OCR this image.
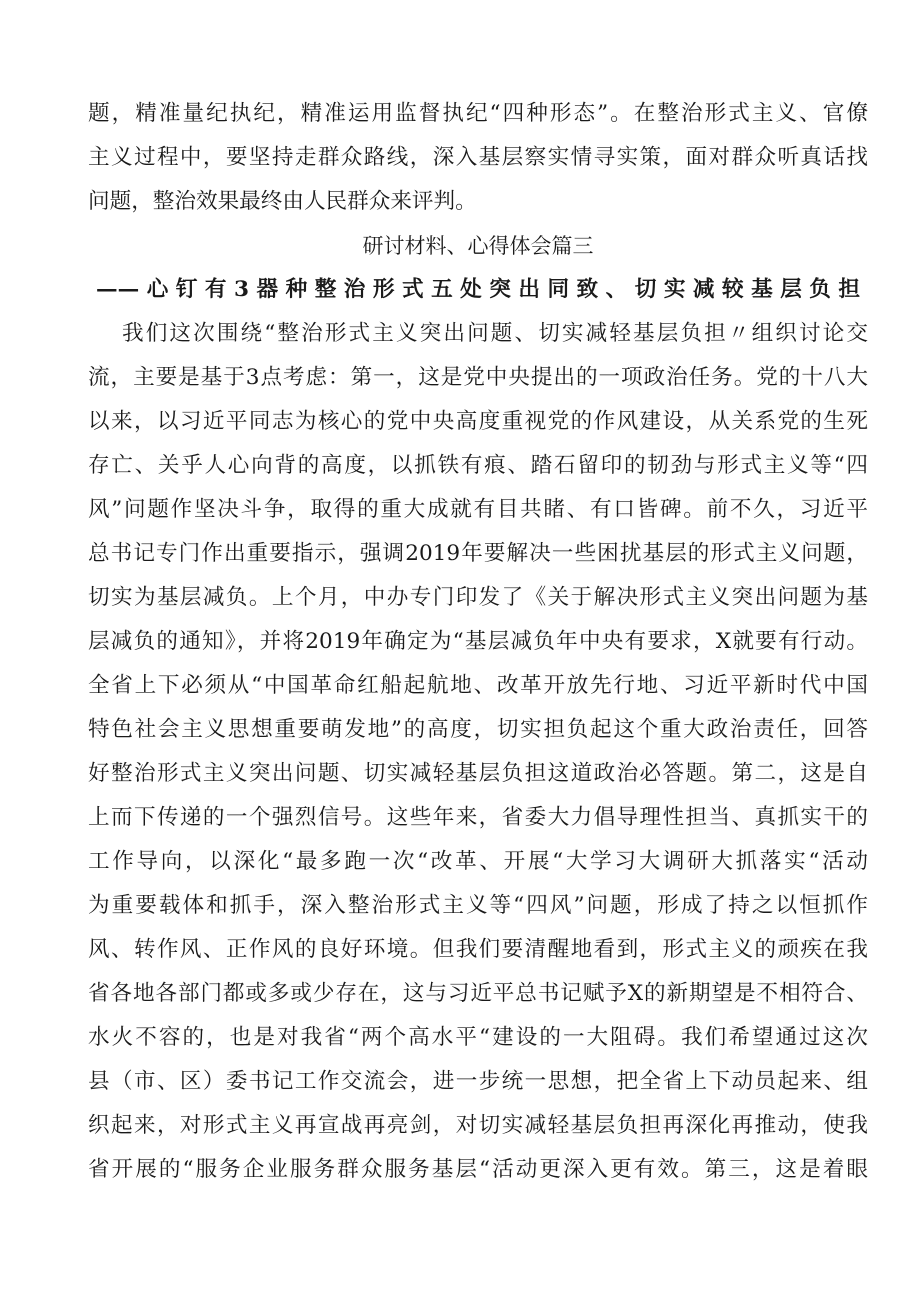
题，精准量纪执纪，精准运用监督执纪“四种形态”。在整治形式主义、官僚
主义过程中，要坚持走群众路线，深入基层察实情寻实策，面对群众听真话找
问题，整治效果最终由人民群众来评判。
研讨材料、心得体会篇三
——心钉有3器种整治形式五处突出同致、切实减较基层负担
我们这次围绕“整治形式主义突出问题、切实减轻基层负担〃组织讨论交
流，主要是基于3点考虑：第一，这是党中央提出的一项政治任务。党的十八大
以来，以习近平同志为核心的党中央高度重视党的作风建设，从关系党的生死
存亡、关乎人心向背的高度，以抓铁有痕、踏石留印的韧劲与形式主义等“四
风”问题作坚决斗争，取得的重大成就有目共睹、有口皆碑。前不久，习近平
总书记专门作出重要指示，强调2019年要解决一些困扰基层的形式主义问题，
切实为基层减负。上个月，中办专门印发了《关于解决形式主义突出问题为基
层减负的通知》，并将2019年确定为“基层减负年中央有要求，X就要有行动。
全省上下必须从“中国革命红船起航地、改革开放先行地、习近平新时代中国
特色社会主义思想重要萌发地”的高度，切实担负起这个重大政治责任，回答
好整治形式主义突出问题、切实减轻基层负担这道政治必答题。第二，这是自
上而下传递的一个强烈信号。这些年来，省委大力倡导理性担当、真抓实干的
工作导向，以深化“最多跑一次“改革、开展“大学习大调研大抓落实“活动
为重要载体和抓手，深入整治形式主义等“四风”问题，形成了持之以恒抓作
风、转作风、正作风的良好环境。但我们要清醒地看到，形式主义的顽疾在我
省各地各部门都或多或少存在，这与习近平总书记赋予X的新期望是不相符合、
水火不容的，也是对我省“两个高水平“建设的一大阻碍。我们希望通过这次
县（市、区）委书记工作交流会，进一步统一思想，把全省上下动员起来、组
织起来，对形式主义再宣战再亮剑，对切实减轻基层负担再深化再推动，使我
省开展的“服务企业服务群众服务基层“活动更深入更有效。第三，这是着眼
